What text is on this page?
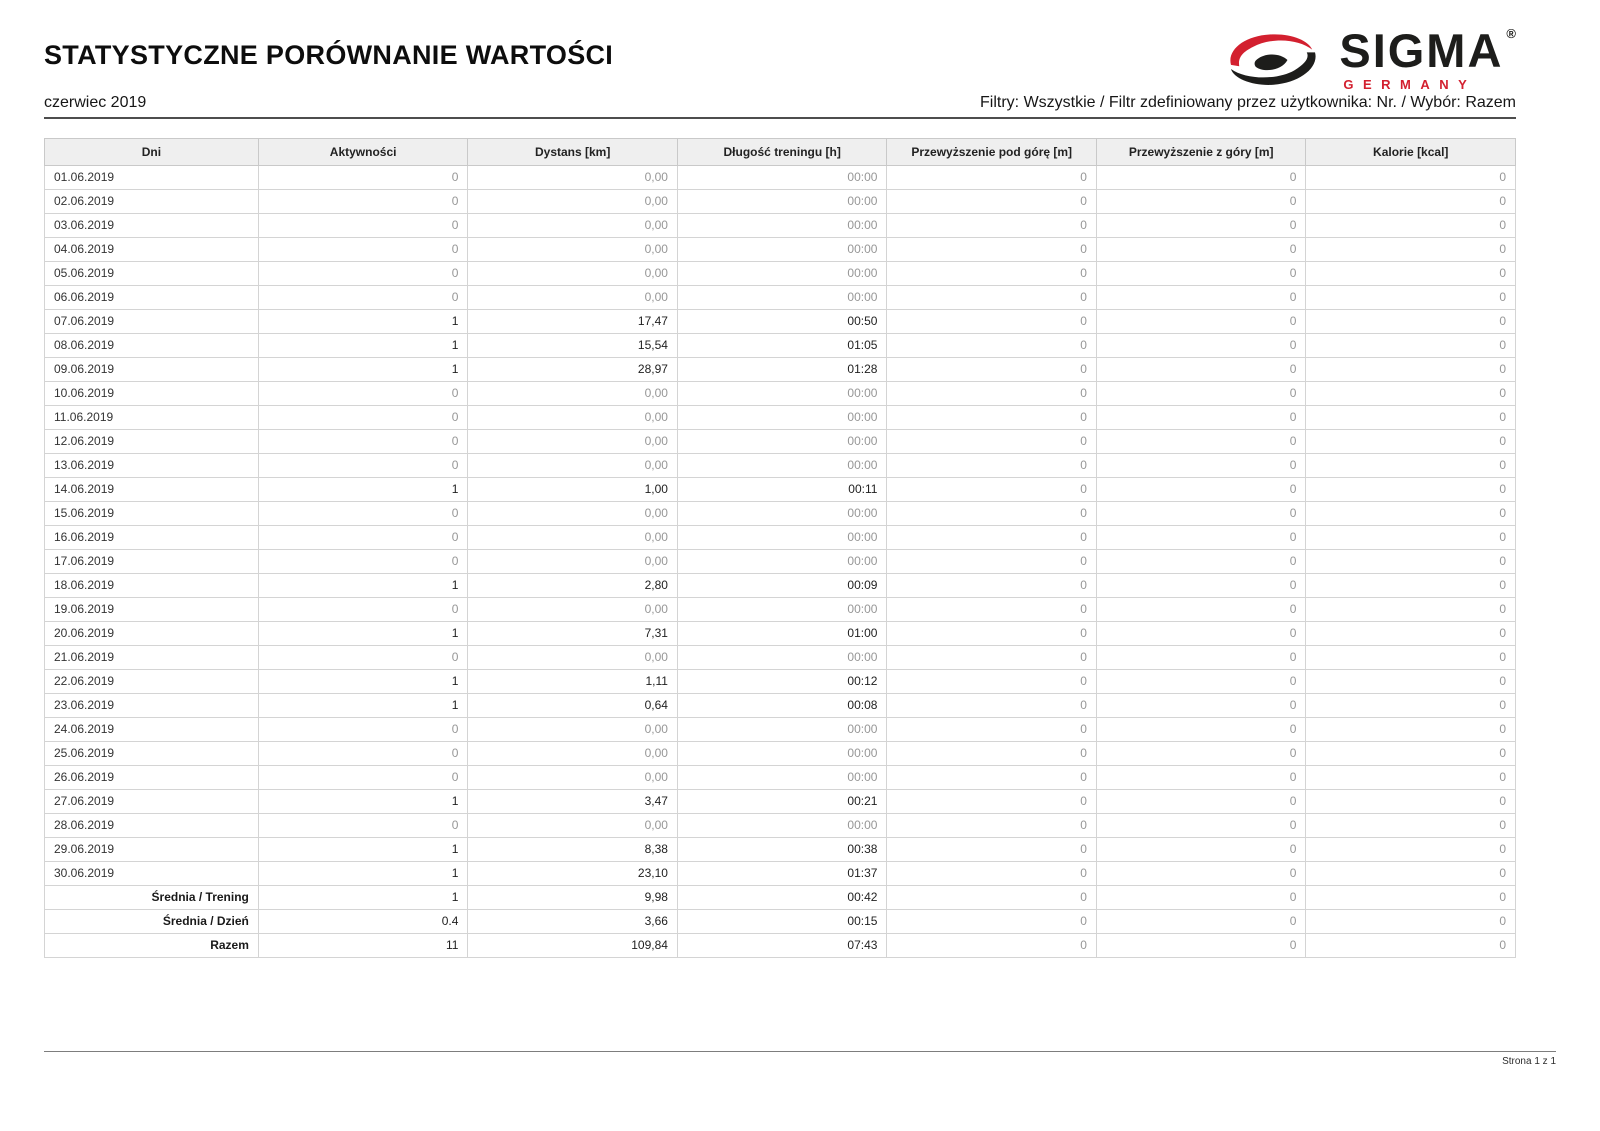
STATYSTYCZNE PORÓWNANIE WARTOŚCI	SIGMA ®
GERMANY
czerwiec 2019	Filtry: Wszystkie / Filtr zdefiniowany przez użytkownika: Nr. / Wybór: Razem
Dni	Aktywności	Dystans [km]	Długość treningu [h]	Przewyższenie pod górę [m]	Przewyższenie z góry [m]	Kalorie [kcal]
01.06.2019	0	0,00	00:00	0	0	0
02.06.2019	0	0,00	00:00	0	0	0
03.06.2019	0	0,00	00:00	0	0	0
04.06.2019	0	0,00	00:00	0	0	0
05.06.2019	0	0,00	00:00	0	0	0
06.06.2019	0	0,00	00:00	0	0	0
07.06.2019	1	17,47	00:50	0	0	0
08.06.2019	1	15,54	01:05	0	0	0
09.06.2019	1	28,97	01:28	0	0	0
10.06.2019	0	0,00	00:00	0	0	0
11.06.2019	0	0,00	00:00	0	0	0
12.06.2019	0	0,00	00:00	0	0	0
13.06.2019	0	0,00	00:00	0	0	0
14.06.2019	1	1,00	00:11	0	0	0
15.06.2019	0	0,00	00:00	0	0	0
16.06.2019	0	0,00	00:00	0	0	0
17.06.2019	0	0,00	00:00	0	0	0
18.06.2019	1	2,80	00:09	0	0	0
19.06.2019	0	0,00	00:00	0	0	0
20.06.2019	1	7,31	01:00	0	0	0
21.06.2019	0	0,00	00:00	0	0	0
22.06.2019	1	1,11	00:12	0	0	0
23.06.2019	1	0,64	00:08	0	0	0
24.06.2019	0	0,00	00:00	0	0	0
25.06.2019	0	0,00	00:00	0	0	0
26.06.2019	0	0,00	00:00	0	0	0
27.06.2019	1	3,47	00:21	0	0	0
28.06.2019	0	0,00	00:00	0	0	0
29.06.2019	1	8,38	00:38	0	0	0
30.06.2019	1	23,10	01:37	0	0	0
Średnia / Trening	1	9,98	00:42	0	0	0
Średnia / Dzień	0.4	3,66	00:15	0	0	0
Razem	11	109,84	07:43	0	0	0
Strona 1 z 1
